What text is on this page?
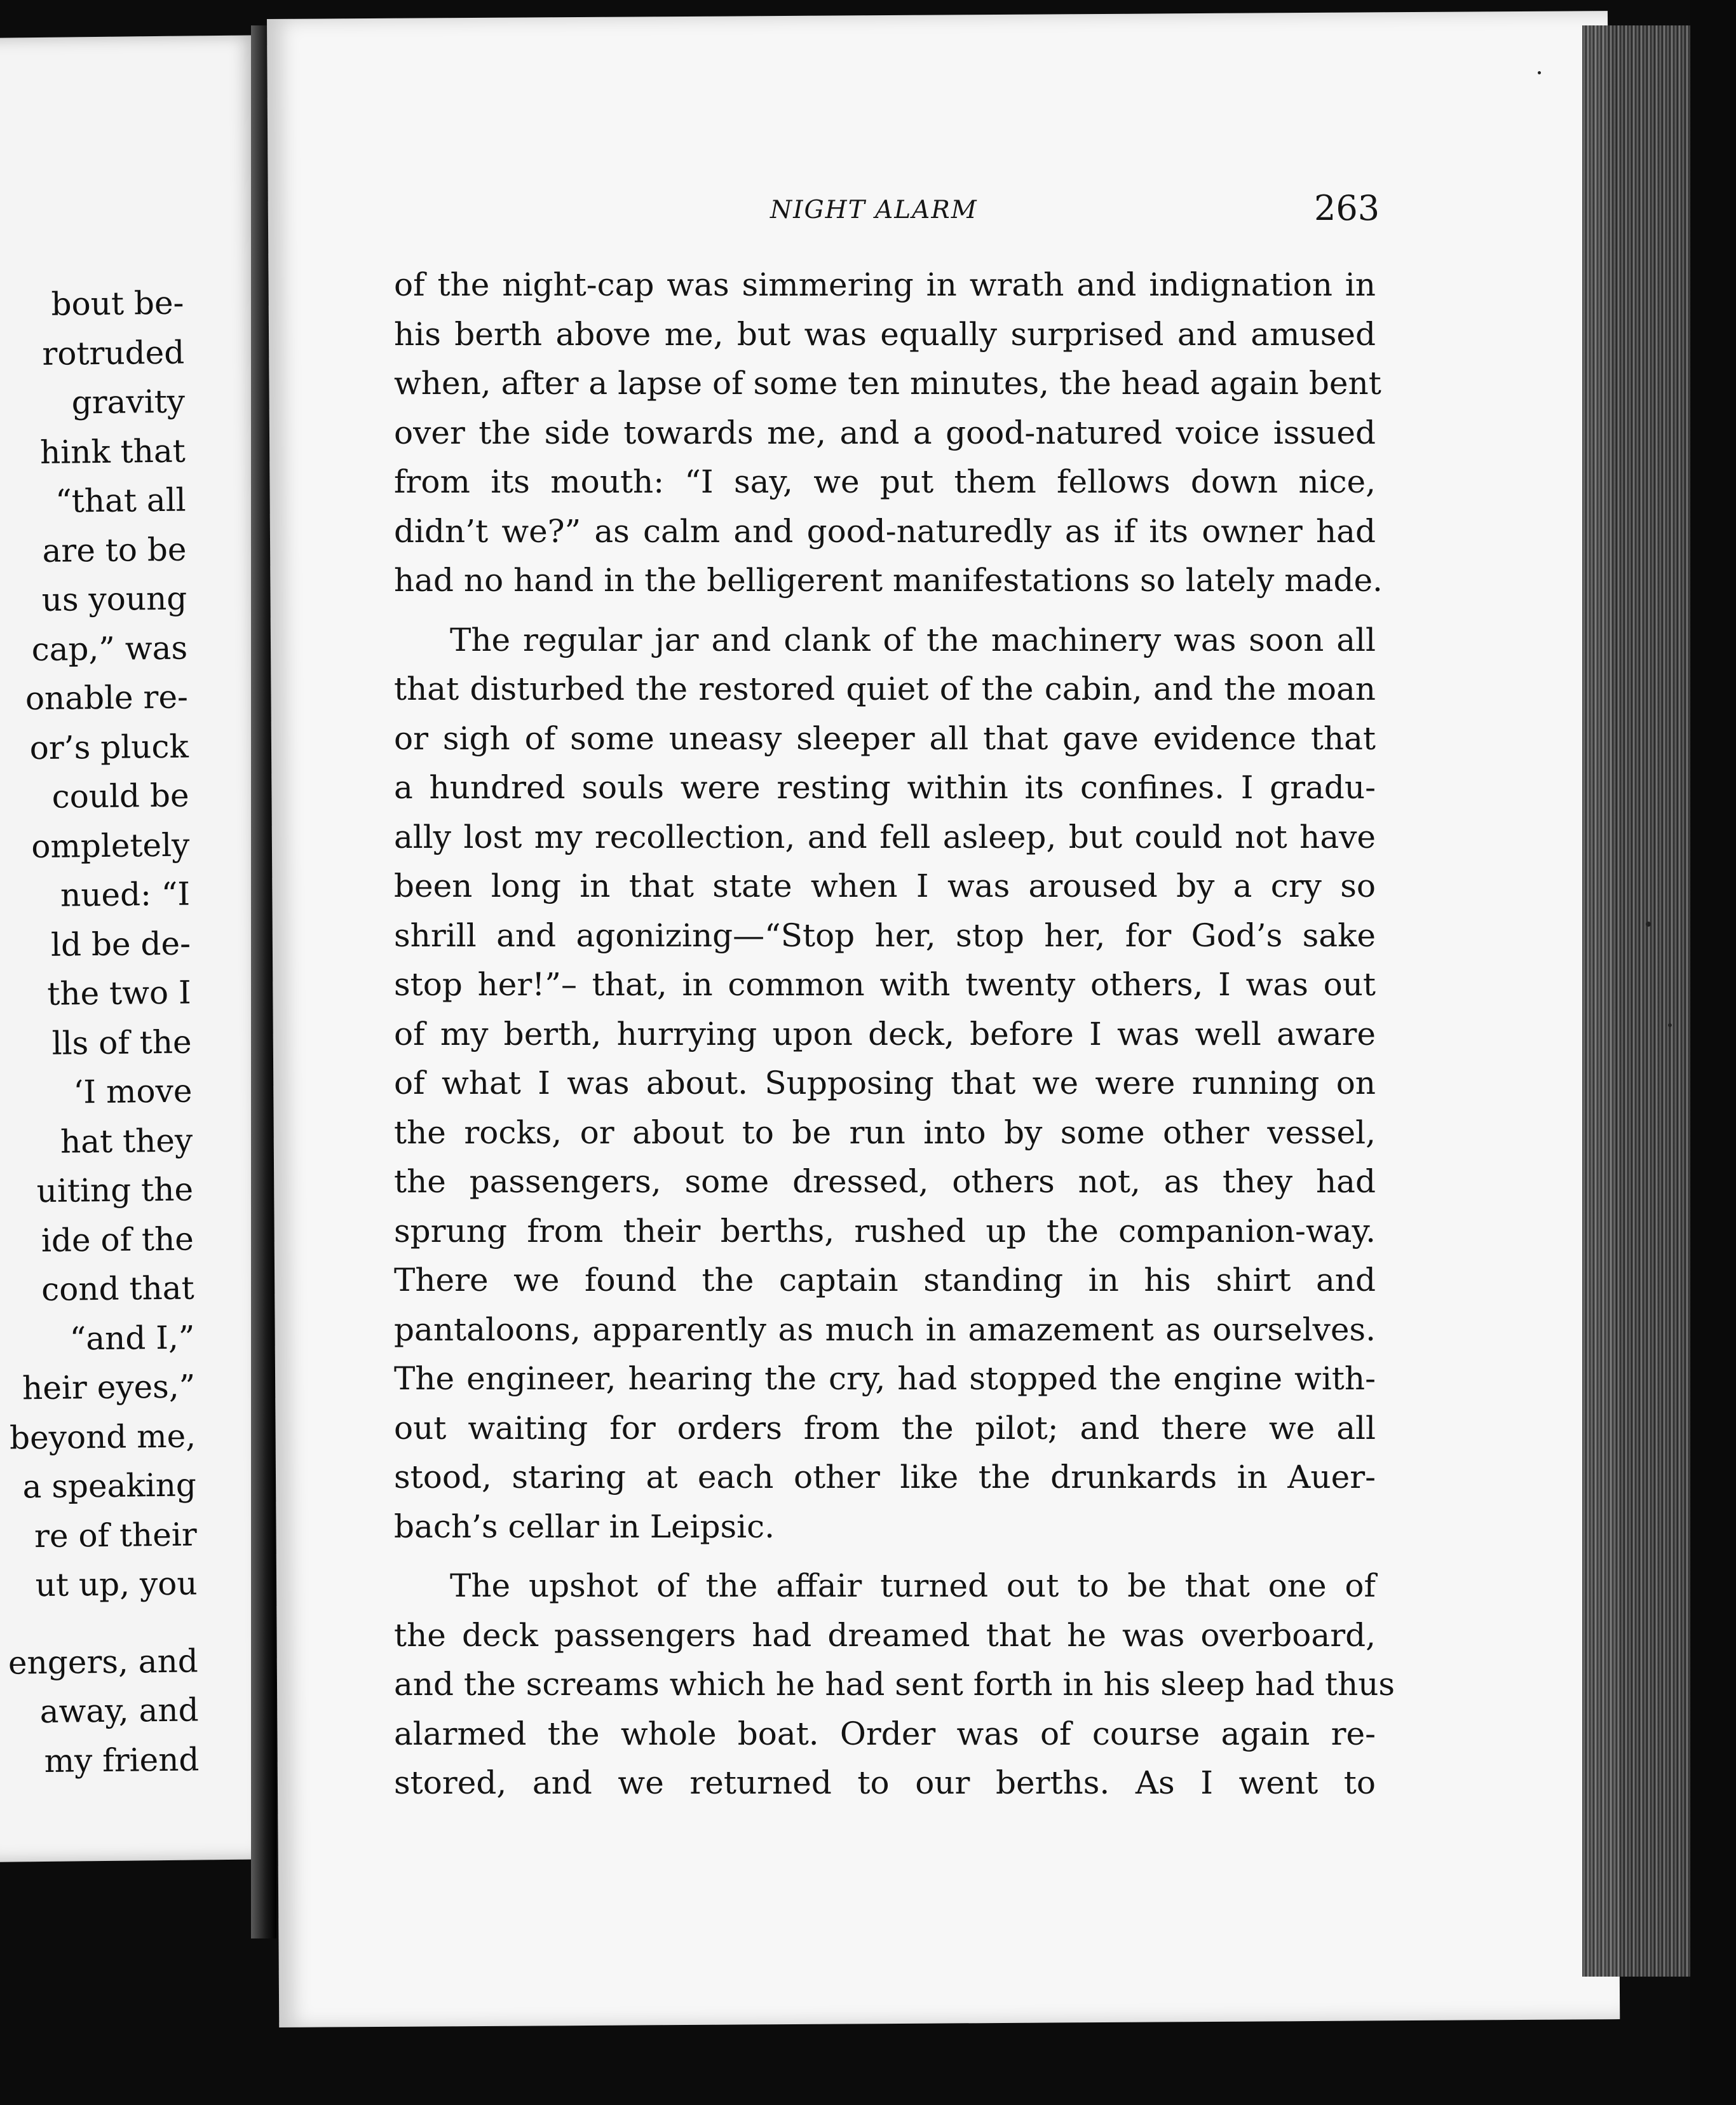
bout be-
rotruded
gravity
hink that
“that all
are to be
us young
cap,” was
onable re-
or’s pluck
could be
ompletely
nued: “I
ld be de-
the two I
lls of the
‘I move
hat they
uiting the
ide of the
cond that
“and I,”
heir eyes,”
beyond me,
a speaking
re of their
ut up, you
engers, and
away, and
my friend
NIGHT ALARM	263
of the night-cap was simmering in wrath and indignation in
his berth above me, but was equally surprised and amused
when, after a lapse of some ten minutes, the head again bent
over the side towards me, and a good-natured voice issued
from its mouth: “I say, we put them fellows down nice,
didn’t we?” as calm and good-naturedly as if its owner had
had no hand in the belligerent manifestations so lately made.
The regular jar and clank of the machinery was soon all
that disturbed the restored quiet of the cabin, and the moan
or sigh of some uneasy sleeper all that gave evidence that
a hundred souls were resting within its confines. I gradu-
ally lost my recollection, and fell asleep, but could not have
been long in that state when I was aroused by a cry so
shrill and agonizing—“Stop her, stop her, for God’s sake
stop her!”– that, in common with twenty others, I was out
of my berth, hurrying upon deck, before I was well aware
of what I was about. Supposing that we were running on
the rocks, or about to be run into by some other vessel,
the passengers, some dressed, others not, as they had
sprung from their berths, rushed up the companion-way.
There we found the captain standing in his shirt and
pantaloons, apparently as much in amazement as ourselves.
The engineer, hearing the cry, had stopped the engine with-
out waiting for orders from the pilot; and there we all
stood, staring at each other like the drunkards in Auer-
bach’s cellar in Leipsic.
The upshot of the affair turned out to be that one of
the deck passengers had dreamed that he was overboard,
and the screams which he had sent forth in his sleep had thus
alarmed the whole boat. Order was of course again re-
stored, and we returned to our berths. As I went to
